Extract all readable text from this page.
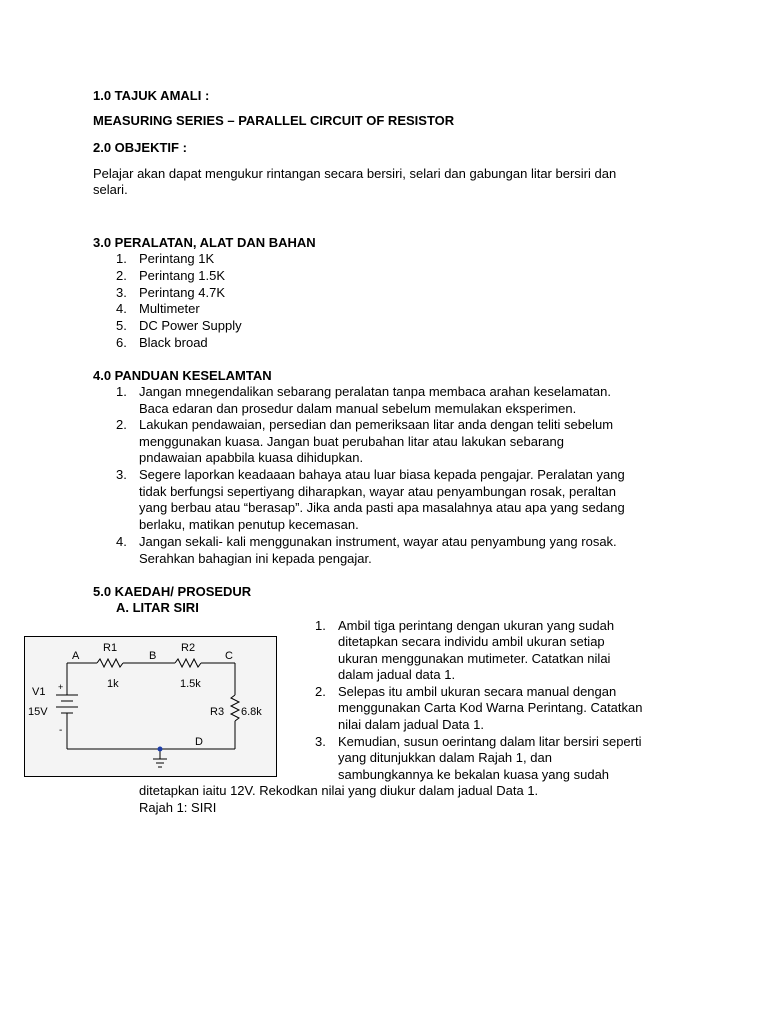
1.0 TAJUK AMALI :
MEASURING SERIES – PARALLEL CIRCUIT OF RESISTOR
2.0 OBJEKTIF :
Pelajar akan dapat mengukur rintangan secara bersiri, selari dan gabungan litar bersiri dan
selari.
3.0 PERALATAN, ALAT DAN BAHAN
1. Perintang 1K
2. Perintang 1.5K
3. Perintang 4.7K
4. Multimeter
5. DC Power Supply
6. Black broad
4.0 PANDUAN KESELAMTAN
1. Jangan mnegendalikan sebarang peralatan tanpa membaca arahan keselamatan.
Baca edaran dan prosedur dalam manual sebelum memulakan eksperimen.
2. Lakukan pendawaian, persedian dan pemeriksaan litar anda dengan teliti sebelum
menggunakan kuasa. Jangan buat perubahan litar atau lakukan sebarang
pndawaian apabbila kuasa dihidupkan.
3. Segere laporkan keadaaan bahaya atau luar biasa kepada pengajar. Peralatan yang
tidak berfungsi sepertiyang diharapkan, wayar atau penyambungan rosak, peraltan
yang berbau atau “berasap”. Jika anda pasti apa masalahnya atau apa yang sedang
berlaku, matikan penutup kecemasan.
4. Jangan sekali- kali menggunakan instrument, wayar atau penyambung yang rosak.
Serahkan bahagian ini kepada pengajar.
5.0 KAEDAH/ PROSEDUR
A. LITAR SIRI
A	B	C
D
R1
1k
R2
1.5k
R3 6.8k
V1
15V
+
-
1. Ambil tiga perintang dengan ukuran yang sudah
ditetapkan secara individu ambil ukuran setiap
ukuran menggunakan mutimeter. Catatkan nilai
dalam jadual data 1.
2. Selepas itu ambil ukuran secara manual dengan
menggunakan Carta Kod Warna Perintang. Catatkan
nilai dalam jadual Data 1.
3. Kemudian, susun oerintang dalam litar bersiri seperti
yang ditunjukkan dalam Rajah 1, dan
sambungkannya ke bekalan kuasa yang sudah
ditetapkan iaitu 12V. Rekodkan nilai yang diukur dalam jadual Data 1.
Rajah 1: SIRI
